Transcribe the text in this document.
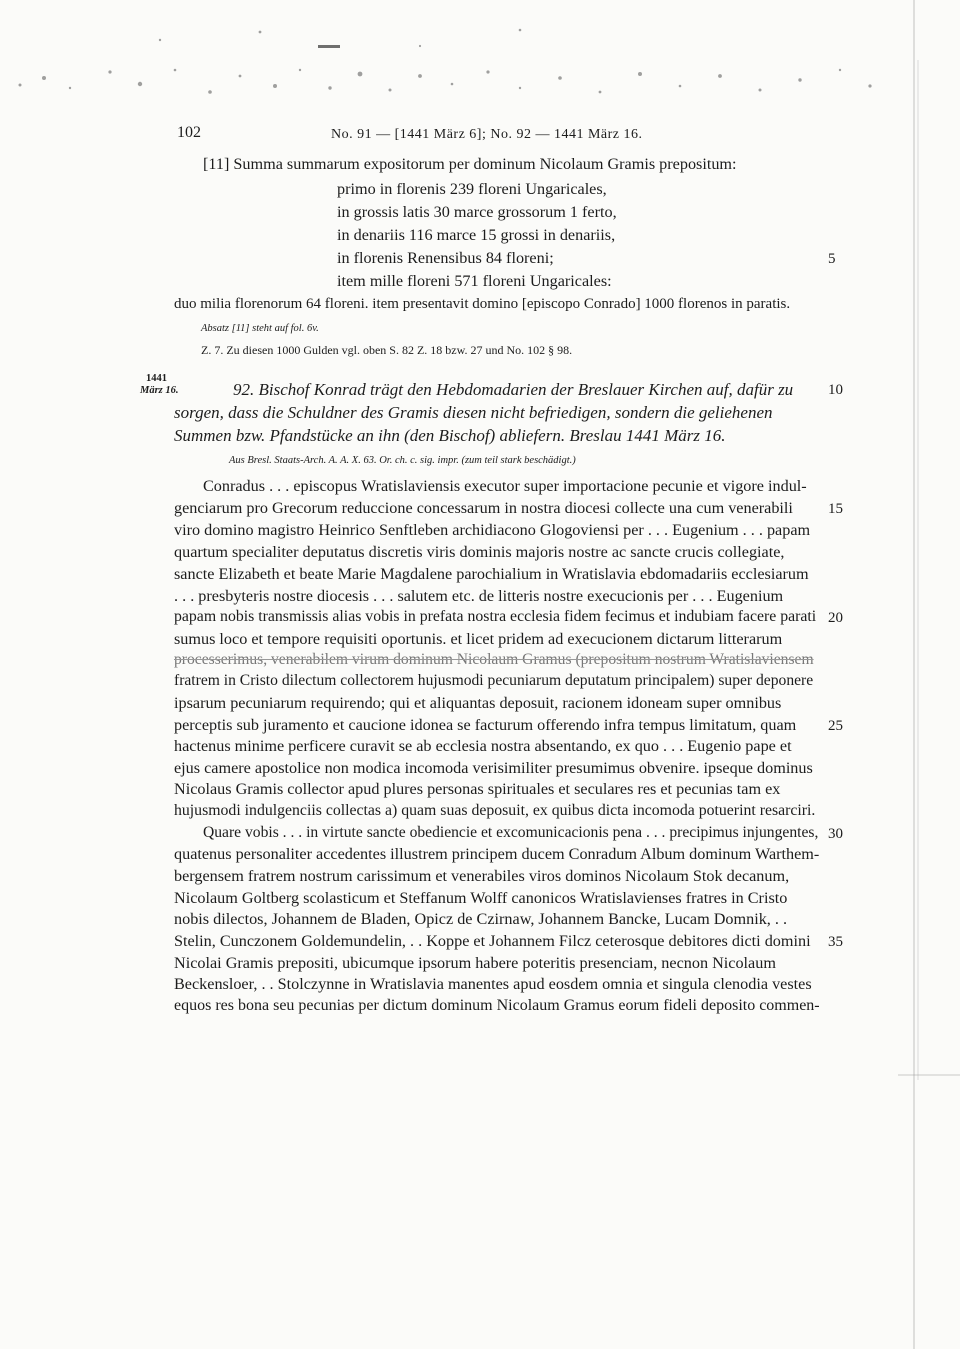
102	No. 91 — [1441 März 6]; No. 92 — 1441 März 16.
[11] Summa summarum expositorum per dominum Nicolaum Gramis prepositum:
primo in florenis 239 floreni Ungaricales,
in grossis latis 30 marce grossorum 1 ferto,
in denariis 116 marce 15 grossi in denariis,
in florenis Renensibus 84 floreni;	5
item mille floreni 571 floreni Ungaricales:
duo milia florenorum 64 floreni. item presentavit domino [episcopo Conrado] 1000 florenos in paratis.
Absatz [11] steht auf fol. 6v.
Z. 7. Zu diesen 1000 Gulden vgl. oben S. 82 Z. 18 bzw. 27 und No. 102 § 98.
1441
März 16.	92. Bischof Konrad trägt den Hebdomadarien der Breslauer Kirchen auf, dafür zu 10
sorgen, dass die Schuldner des Gramis diesen nicht befriedigen, sondern die geliehenen
Summen bzw. Pfandstücke an ihn (den Bischof) abliefern. Breslau 1441 März 16.
Aus Bresl. Staats-Arch. A. A. X. 63. Or. ch. c. sig. impr. (zum teil stark beschädigt.)
Conradus . . . episcopus Wratislaviensis executor super importacione pecunie et vigore indul-
genciarum pro Grecorum reduccione concessarum in nostra diocesi collecte una cum venerabili 15
viro domino magistro Heinrico Senftleben archidiacono Glogoviensi per . . . Eugenium . . . papam
quartum specialiter deputatus discretis viris dominis majoris nostre ac sancte crucis collegiate,
sancte Elizabeth et beate Marie Magdalene parochialium in Wratislavia ebdomadariis ecclesiarum
. . . presbyteris nostre diocesis . . . salutem etc. de litteris nostre execucionis per . . . Eugenium
papam nobis transmissis alias vobis in prefata nostra ecclesia fidem fecimus et indubiam facere parati 20
sumus loco et tempore requisiti oportunis. et licet pridem ad execucionem dictarum litterarum
processerimus, venerabilem virum dominum Nicolaum Gramus (prepositum nostrum Wratislaviensem
fratrem in Cristo dilectum collectorem hujusmodi pecuniarum deputatum principalem) super deponere
ipsarum pecuniarum requirendo; qui et aliquantas deposuit, racionem idoneam super omnibus
perceptis sub juramento et caucione idonea se facturum offerendo infra tempus limitatum, quam 25
hactenus minime perficere curavit se ab ecclesia nostra absentando, ex quo . . . Eugenio pape et
ejus camere apostolice non modica incomoda verisimiliter presumimus obvenire. ipseque dominus
Nicolaus Gramis collector apud plures personas spirituales et seculares res et pecunias tam ex
hujusmodi indulgenciis collectas a) quam suas deposuit, ex quibus dicta incomoda potuerint resarciri.
Quare vobis . . . in virtute sancte obediencie et excomunicacionis pena . . . precipimus injungentes, 30
quatenus personaliter accedentes illustrem principem ducem Conradum Album dominum Warthem-
bergensem fratrem nostrum carissimum et venerabiles viros dominos Nicolaum Stok decanum,
Nicolaum Goltberg scolasticum et Steffanum Wolff canonicos Wratislavienses fratres in Cristo
nobis dilectos, Johannem de Bladen, Opicz de Czirnaw, Johannem Bancke, Lucam Domnik, . .
Stelin, Cunczonem Goldemundelin, . . Koppe et Johannem Filcz ceterosque debitores dicti domini 35
Nicolai Gramis prepositi, ubicumque ipsorum habere poteritis presenciam, necnon Nicolaum
Beckensloer, . . Stolczynne in Wratislavia manentes apud eosdem omnia et singula clenodia vestes
equos res bona seu pecunias per dictum dominum Nicolaum Gramus eorum fideli deposito commen-
